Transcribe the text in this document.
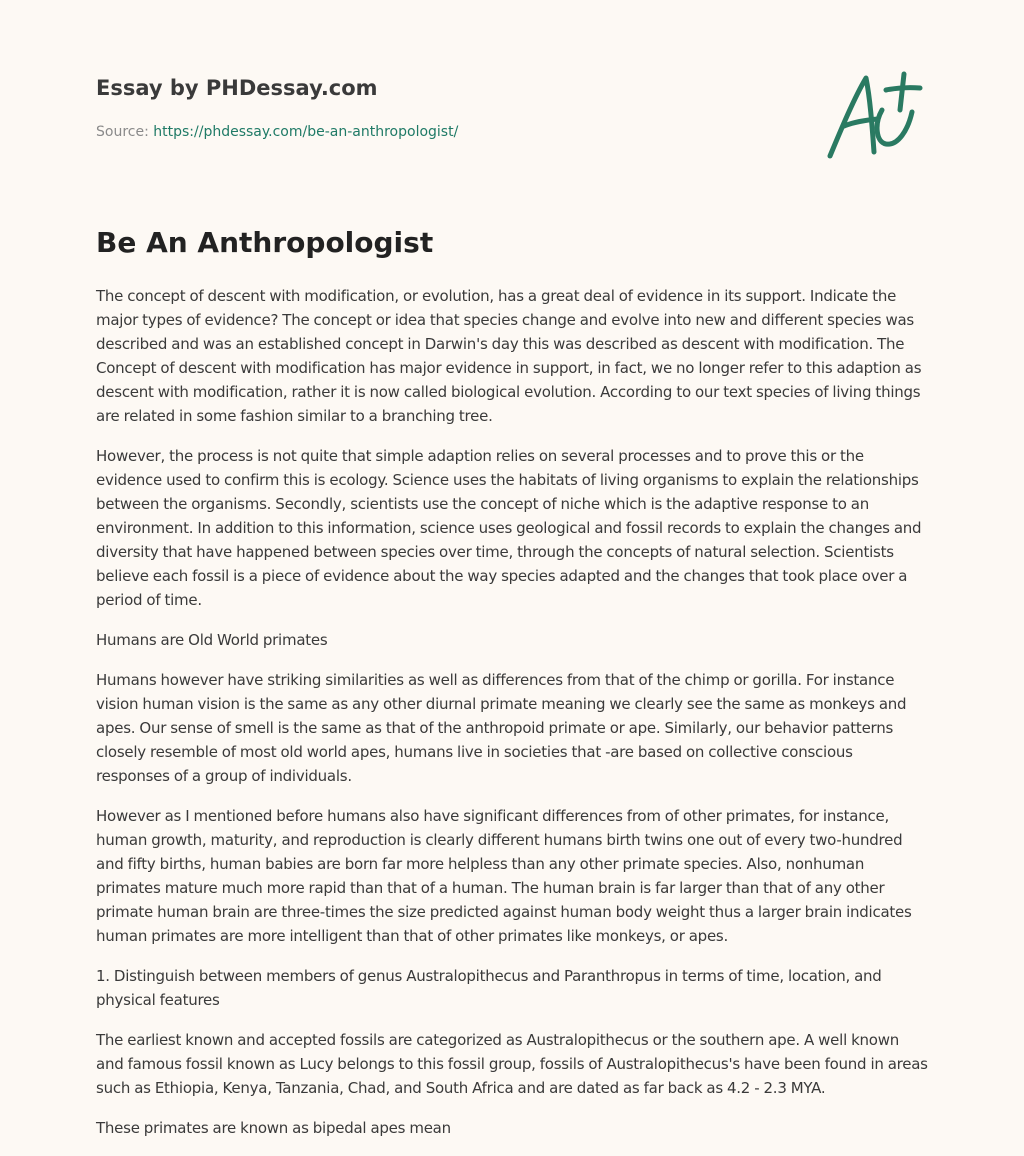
Essay by PHDessay.com
Source: https://phdessay.com/be-an-anthropologist/
Be An Anthropologist

The concept of descent with modification, or evolution, has a great deal of evidence in its support. Indicate the major types of evidence? The concept or idea that species change and evolve into new and different species was described and was an established concept in Darwin's day this was described as descent with modification. The Concept of descent with modification has major evidence in support, in fact, we no longer refer to this adaption as descent with modification, rather it is now called biological evolution. According to our text species of living things are related in some fashion similar to a branching tree.

However, the process is not quite that simple adaption relies on several processes and to prove this or the evidence used to confirm this is ecology. Science uses the habitats of living organisms to explain the relationships between the organisms. Secondly, scientists use the concept of niche which is the adaptive response to an environment. In addition to this information, science uses geological and fossil records to explain the changes and diversity that have happened between species over time, through the concepts of natural selection. Scientists believe each fossil is a piece of evidence about the way species adapted and the changes that took place over a period of time.

Humans are Old World primates

Humans however have striking similarities as well as differences from that of the chimp or gorilla. For instance vision human vision is the same as any other diurnal primate meaning we clearly see the same as monkeys and apes. Our sense of smell is the same as that of the anthropoid primate or ape. Similarly, our behavior patterns closely resemble of most old world apes, humans live in societies that -are based on collective conscious responses of a group of individuals.

However as I mentioned before humans also have significant differences from of other primates, for instance, human growth, maturity, and reproduction is clearly different humans birth twins one out of every two-hundred and fifty births, human babies are born far more helpless than any other primate species. Also, nonhuman primates mature much more rapid than that of a human. The human brain is far larger than that of any other primate human brain are three-times the size predicted against human body weight thus a larger brain indicates human primates are more intelligent than that of other primates like monkeys, or apes.

1. Distinguish between members of genus Australopithecus and Paranthropus in terms of time, location, and physical features

The earliest known and accepted fossils are categorized as Australopithecus or the southern ape. A well known and famous fossil known as Lucy belongs to this fossil group, fossils of Australopithecus's have been found in areas such as Ethiopia, Kenya, Tanzania, Chad, and South Africa and are dated as far back as 4.2 - 2.3 MYA.

These primates are known as bipedal apes mean
